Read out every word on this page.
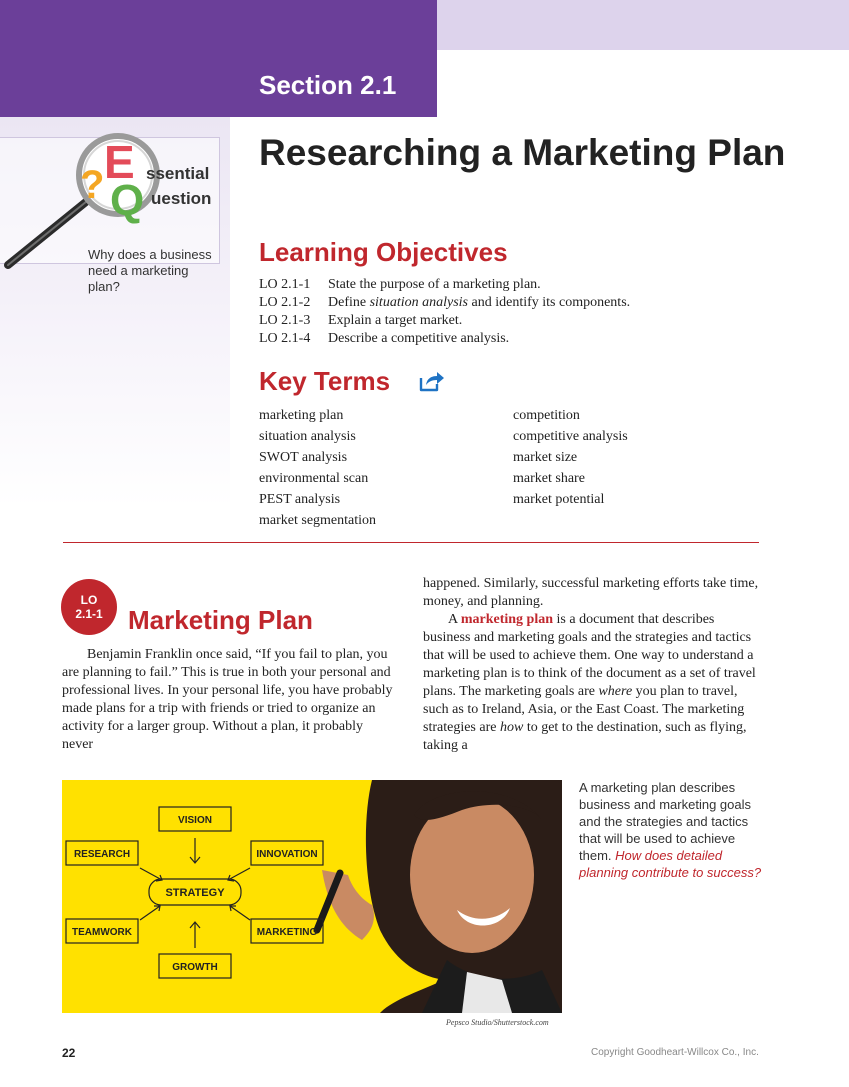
Section 2.1
? E
Q
ssential
uestion
Why does a business need a marketing plan?
Researching a Marketing Plan
Learning Objectives
LO 2.1-1 State the purpose of a marketing plan.
LO 2.1-2 Define situation analysis and identify its components.
LO 2.1-3 Explain a target market.
LO 2.1-4 Describe a competitive analysis.
Key Terms
marketing plan
situation analysis
SWOT analysis
environmental scan
PEST analysis
market segmentation
competition
competitive analysis
market size
market share
market potential
LO
2.1-1 Marketing Plan

Benjamin Franklin once said, “If you fail to plan, you are planning to fail.” This is true in both your personal and professional lives. In your personal life, you have probably made plans for a trip with friends or tried to organize an activity for a larger group. Without a plan, it probably never

happened. Similarly, successful marketing efforts take time, money, and planning.

A marketing plan is a document that describes business and marketing goals and the strategies and tactics that will be used to achieve them. One way to understand a marketing plan is to think of the document as a set of travel plans. The marketing goals are where you plan to travel, such as to Ireland, Asia, or the East Coast. The marketing strategies are how to get to the destination, such as flying, taking a

VISION
RESEARCH	INNOVATION
STRATEGY
TEAMWORK	MARKETING
GROWTH
Pepsco Studio/Shutterstock.com
A marketing plan describes business and marketing goals and the strategies and tactics that will be used to achieve them. How does detailed planning contribute to success?
22	Copyright Goodheart-Willcox Co., Inc.
